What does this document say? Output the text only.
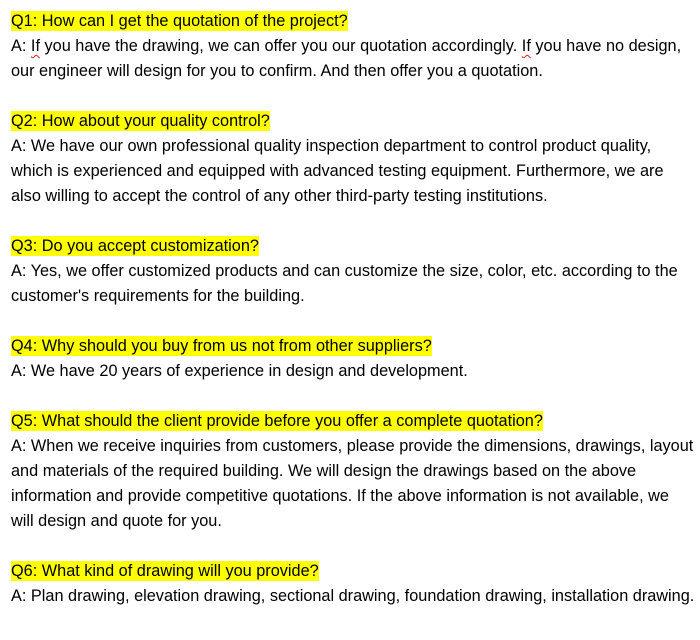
Q1: How can I get the quotation of the project?

A: If you have the drawing, we can offer you our quotation accordingly. If you have no design, our engineer will design for you to confirm. And then offer you a quotation.

Q2: How about your quality control?

A: We have our own professional quality inspection department to control product quality, which is experienced and equipped with advanced testing equipment. Furthermore, we are also willing to accept the control of any other third-party testing institutions.

Q3: Do you accept customization?

A: Yes, we offer customized products and can customize the size, color, etc. according to the customer's requirements for the building.

Q4: Why should you buy from us not from other suppliers?

A: We have 20 years of experience in design and development.

Q5: What should the client provide before you offer a complete quotation?

A: When we receive inquiries from customers, please provide the dimensions, drawings, layout and materials of the required building. We will design the drawings based on the above information and provide competitive quotations. If the above information is not available, we will design and quote for you.

Q6: What kind of drawing will you provide?

A: Plan drawing, elevation drawing, sectional drawing, foundation drawing, installation drawing.
